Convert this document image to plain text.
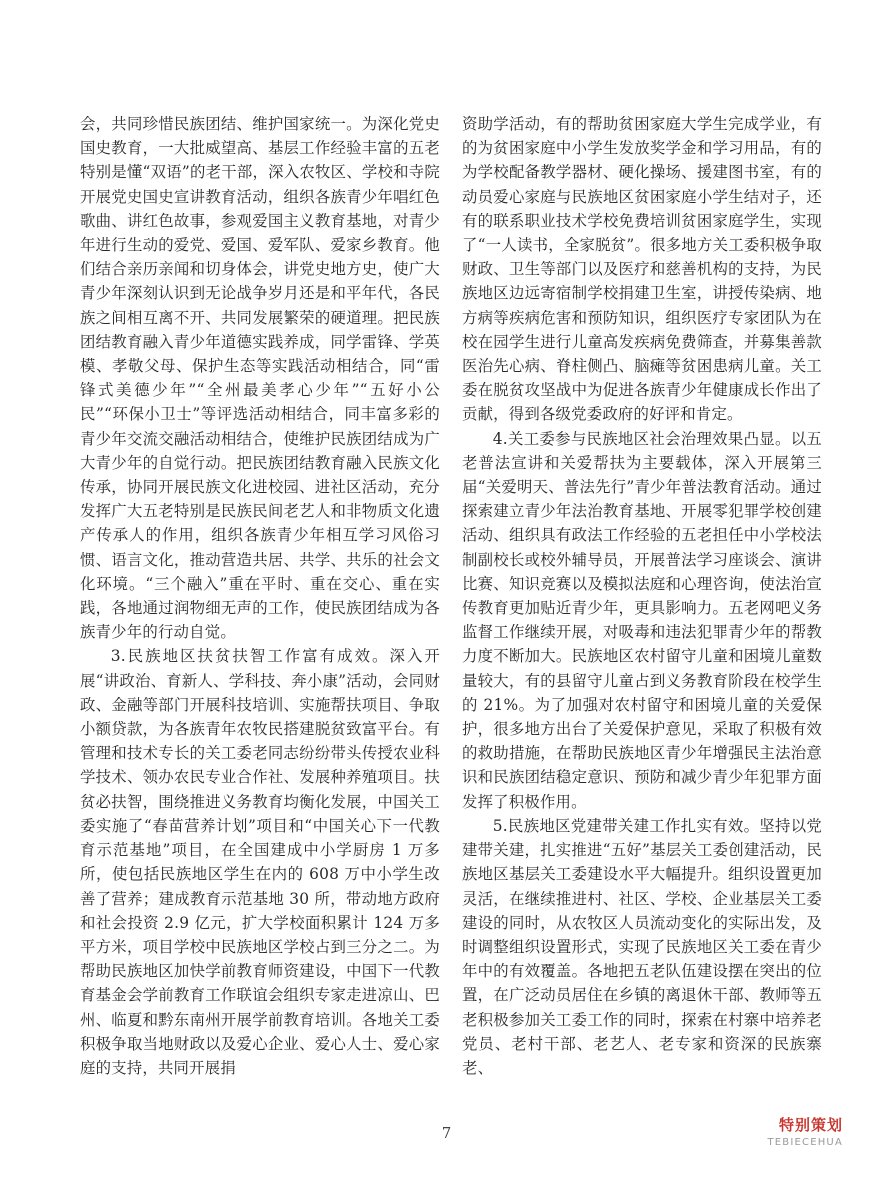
会，共同珍惜民族团结、维护国家统一。为深化党史国史教育，一大批威望高、基层工作经验丰富的五老特别是懂“双语”的老干部，深入农牧区、学校和寺院开展党史国史宣讲教育活动，组织各族青少年唱红色歌曲、讲红色故事，参观爱国主义教育基地，对青少年进行生动的爱党、爱国、爱军队、爱家乡教育。他们结合亲历亲闻和切身体会，讲党史地方史，使广大青少年深刻认识到无论战争岁月还是和平年代，各民族之间相互离不开、共同发展繁荣的硬道理。把民族团结教育融入青少年道德实践养成，同学雷锋、学英模、孝敬父母、保护生态等实践活动相结合，同“雷锋式美德少年”“全州最美孝心少年”“五好小公民”“环保小卫士”等评选活动相结合，同丰富多彩的青少年交流交融活动相结合，使维护民族团结成为广大青少年的自觉行动。把民族团结教育融入民族文化传承，协同开展民族文化进校园、进社区活动，充分发挥广大五老特别是民族民间老艺人和非物质文化遗产传承人的作用，组织各族青少年相互学习风俗习惯、语言文化，推动营造共居、共学、共乐的社会文化环境。“三个融入”重在平时、重在交心、重在实践，各地通过润物细无声的工作，使民族团结成为各族青少年的行动自觉。

3.民族地区扶贫扶智工作富有成效。深入开展“讲政治、育新人、学科技、奔小康”活动，会同财政、金融等部门开展科技培训、实施帮扶项目、争取小额贷款，为各族青年农牧民搭建脱贫致富平台。有管理和技术专长的关工委老同志纷纷带头传授农业科学技术、领办农民专业合作社、发展种养殖项目。扶贫必扶智，围绕推进义务教育均衡化发展，中国关工委实施了“春苗营养计划”项目和“中国关心下一代教育示范基地”项目，在全国建成中小学厨房 1 万多所，使包括民族地区学生在内的 608 万中小学生改善了营养；建成教育示范基地 30 所，带动地方政府和社会投资 2.9 亿元，扩大学校面积累计 124 万多平方米，项目学校中民族地区学校占到三分之二。为帮助民族地区加快学前教育师资建设，中国下一代教育基金会学前教育工作联谊会组织专家走进凉山、巴州、临夏和黔东南州开展学前教育培训。各地关工委积极争取当地财政以及爱心企业、爱心人士、爱心家庭的支持，共同开展捐

资助学活动，有的帮助贫困家庭大学生完成学业，有的为贫困家庭中小学生发放奖学金和学习用品，有的为学校配备教学器材、硬化操场、援建图书室，有的动员爱心家庭与民族地区贫困家庭小学生结对子，还有的联系职业技术学校免费培训贫困家庭学生，实现了“一人读书，全家脱贫”。很多地方关工委积极争取财政、卫生等部门以及医疗和慈善机构的支持，为民族地区边远寄宿制学校捐建卫生室，讲授传染病、地方病等疾病危害和预防知识，组织医疗专家团队为在校在园学生进行儿童高发疾病免费筛查，并募集善款医治先心病、脊柱侧凸、脑瘫等贫困患病儿童。关工委在脱贫攻坚战中为促进各族青少年健康成长作出了贡献，得到各级党委政府的好评和肯定。

4.关工委参与民族地区社会治理效果凸显。以五老普法宣讲和关爱帮扶为主要载体，深入开展第三届“关爱明天、普法先行”青少年普法教育活动。通过探索建立青少年法治教育基地、开展零犯罪学校创建活动、组织具有政法工作经验的五老担任中小学校法制副校长或校外辅导员，开展普法学习座谈会、演讲比赛、知识竞赛以及模拟法庭和心理咨询，使法治宣传教育更加贴近青少年，更具影响力。五老网吧义务监督工作继续开展，对吸毒和违法犯罪青少年的帮教力度不断加大。民族地区农村留守儿童和困境儿童数量较大，有的县留守儿童占到义务教育阶段在校学生的 21%。为了加强对农村留守和困境儿童的关爱保护，很多地方出台了关爱保护意见，采取了积极有效的救助措施，在帮助民族地区青少年增强民主法治意识和民族团结稳定意识、预防和减少青少年犯罪方面发挥了积极作用。

5.民族地区党建带关建工作扎实有效。坚持以党建带关建，扎实推进“五好”基层关工委创建活动，民族地区基层关工委建设水平大幅提升。组织设置更加灵活，在继续推进村、社区、学校、企业基层关工委建设的同时，从农牧区人员流动变化的实际出发，及时调整组织设置形式，实现了民族地区关工委在青少年中的有效覆盖。各地把五老队伍建设摆在突出的位置，在广泛动员居住在乡镇的离退休干部、教师等五老积极参加关工委工作的同时，探索在村寨中培养老党员、老村干部、老艺人、老专家和资深的民族寨老、

7	特别策划
TEBIECEHUA
